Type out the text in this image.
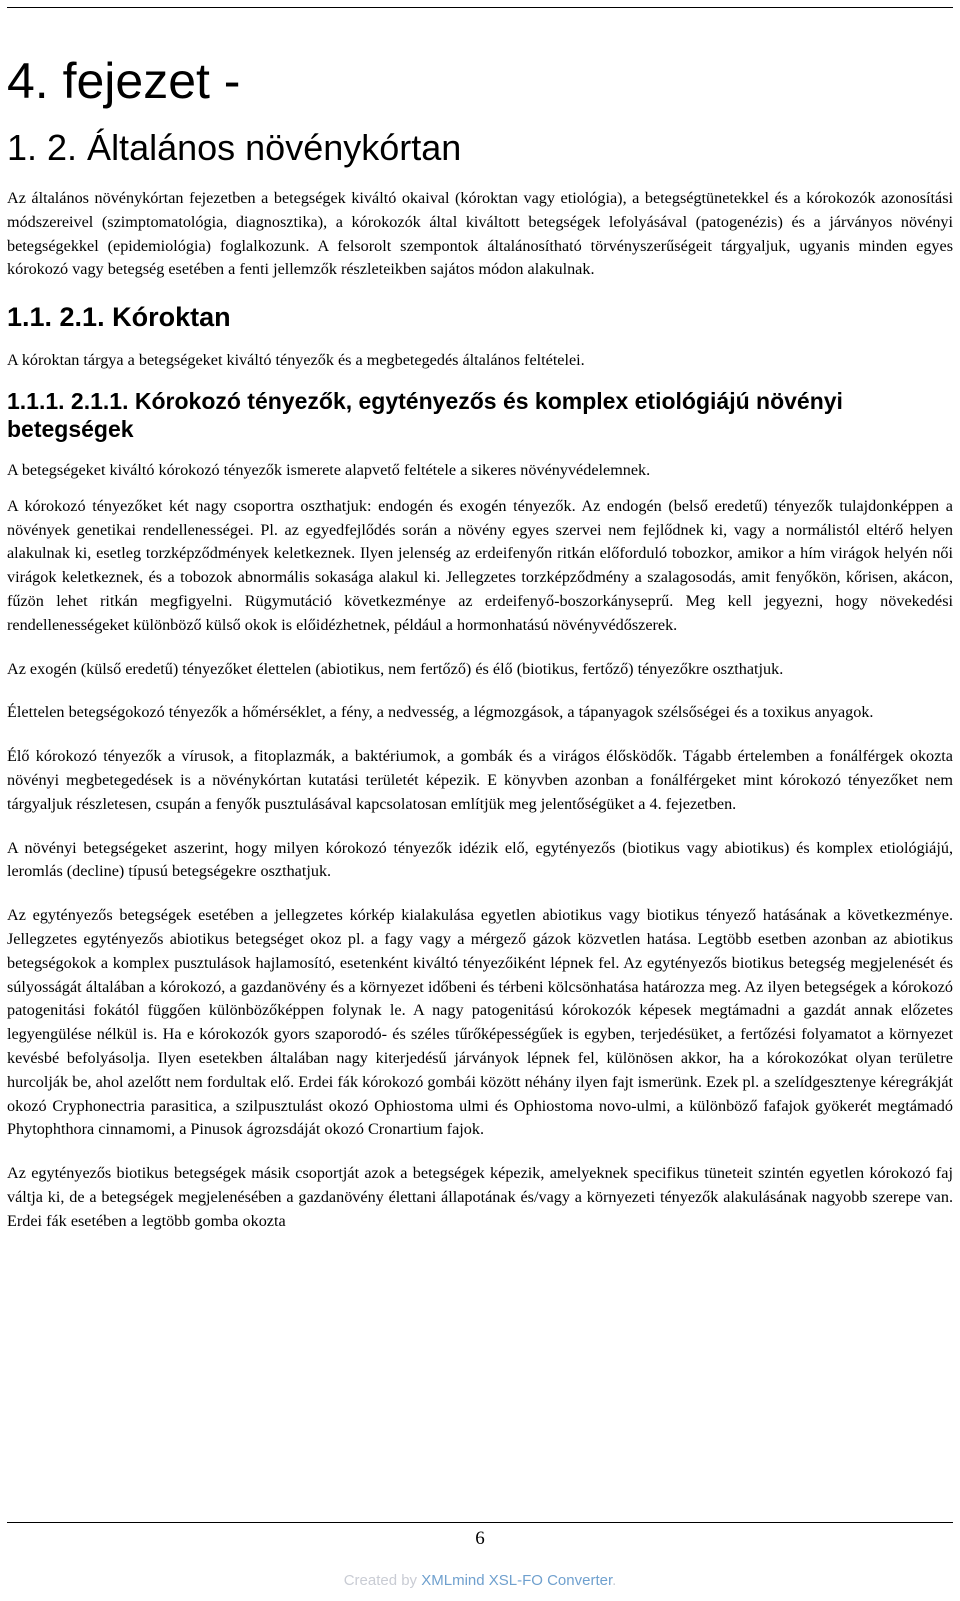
4. fejezet -
1. 2. Általános növénykórtan

Az általános növénykórtan fejezetben a betegségek kiváltó okaival (kóroktan vagy etiológia), a betegségtünetekkel és a kórokozók azonosítási módszereivel (szimptomatológia, diagnosztika), a kórokozók által kiváltott betegségek lefolyásával (patogenézis) és a járványos növényi betegségekkel (epidemiológia) foglalkozunk. A felsorolt szempontok általánosítható törvényszerűségeit tárgyaljuk, ugyanis minden egyes kórokozó vagy betegség esetében a fenti jellemzők részleteikben sajátos módon alakulnak.

1.1. 2.1. Kóroktan

A kóroktan tárgya a betegségeket kiváltó tényezők és a megbetegedés általános feltételei.

1.1.1. 2.1.1. Kórokozó tényezők, egytényezős és komplex etiológiájú növényi betegségek

A betegségeket kiváltó kórokozó tényezők ismerete alapvető feltétele a sikeres növényvédelemnek.

A kórokozó tényezőket két nagy csoportra oszthatjuk: endogén és exogén tényezők. Az endogén (belső eredetű) tényezők tulajdonképpen a növények genetikai rendellenességei. Pl. az egyedfejlődés során a növény egyes szervei nem fejlődnek ki, vagy a normálistól eltérő helyen alakulnak ki, esetleg torzképződmények keletkeznek. Ilyen jelenség az erdeifenyőn ritkán előforduló tobozkor, amikor a hím virágok helyén női virágok keletkeznek, és a tobozok abnormális sokasága alakul ki. Jellegzetes torzképződmény a szalagosodás, amit fenyőkön, kőrisen, akácon, fűzön lehet ritkán megfigyelni. Rügymutáció következménye az erdeifenyő-boszorkányseprű. Meg kell jegyezni, hogy növekedési rendellenességeket különböző külső okok is előidézhetnek, például a hormonhatású növényvédőszerek.

Az exogén (külső eredetű) tényezőket élettelen (abiotikus, nem fertőző) és élő (biotikus, fertőző) tényezőkre oszthatjuk.

Élettelen betegségokozó tényezők a hőmérséklet, a fény, a nedvesség, a légmozgások, a tápanyagok szélsőségei és a toxikus anyagok.

Élő kórokozó tényezők a vírusok, a fitoplazmák, a baktériumok, a gombák és a virágos élősködők. Tágabb értelemben a fonálférgek okozta növényi megbetegedések is a növénykórtan kutatási területét képezik. E könyvben azonban a fonálférgeket mint kórokozó tényezőket nem tárgyaljuk részletesen, csupán a fenyők pusztulásával kapcsolatosan említjük meg jelentőségüket a 4. fejezetben.

A növényi betegségeket aszerint, hogy milyen kórokozó tényezők idézik elő, egytényezős (biotikus vagy abiotikus) és komplex etiológiájú, leromlás (decline) típusú betegségekre oszthatjuk.

Az egytényezős betegségek esetében a jellegzetes kórkép kialakulása egyetlen abiotikus vagy biotikus tényező hatásának a következménye. Jellegzetes egytényezős abiotikus betegséget okoz pl. a fagy vagy a mérgező gázok közvetlen hatása. Legtöbb esetben azonban az abiotikus betegségokok a komplex pusztulások hajlamosító, esetenként kiváltó tényezőiként lépnek fel. Az egytényezős biotikus betegség megjelenését és súlyosságát általában a kórokozó, a gazdanövény és a környezet időbeni és térbeni kölcsönhatása határozza meg. Az ilyen betegségek a kórokozó patogenitási fokától függően különbözőképpen folynak le. A nagy patogenitású kórokozók képesek megtámadni a gazdát annak előzetes legyengülése nélkül is. Ha e kórokozók gyors szaporodó- és széles tűrőképességűek is egyben, terjedésüket, a fertőzési folyamatot a környezet kevésbé befolyásolja. Ilyen esetekben általában nagy kiterjedésű járványok lépnek fel, különösen akkor, ha a kórokozókat olyan területre hurcolják be, ahol azelőtt nem fordultak elő. Erdei fák kórokozó gombái között néhány ilyen fajt ismerünk. Ezek pl. a szelídgesztenye kéregrákját okozó Cryphonectria parasitica, a szilpusztulást okozó Ophiostoma ulmi és Ophiostoma novo-ulmi, a különböző fafajok gyökerét megtámadó Phytophthora cinnamomi, a Pinusok ágrozsdáját okozó Cronartium fajok.

Az egytényezős biotikus betegségek másik csoportját azok a betegségek képezik, amelyeknek specifikus tüneteit szintén egyetlen kórokozó faj váltja ki, de a betegségek megjelenésében a gazdanövény élettani állapotának és/vagy a környezeti tényezők alakulásának nagyobb szerepe van. Erdei fák esetében a legtöbb gomba okozta

6
Created by XMLmind XSL-FO Converter.
